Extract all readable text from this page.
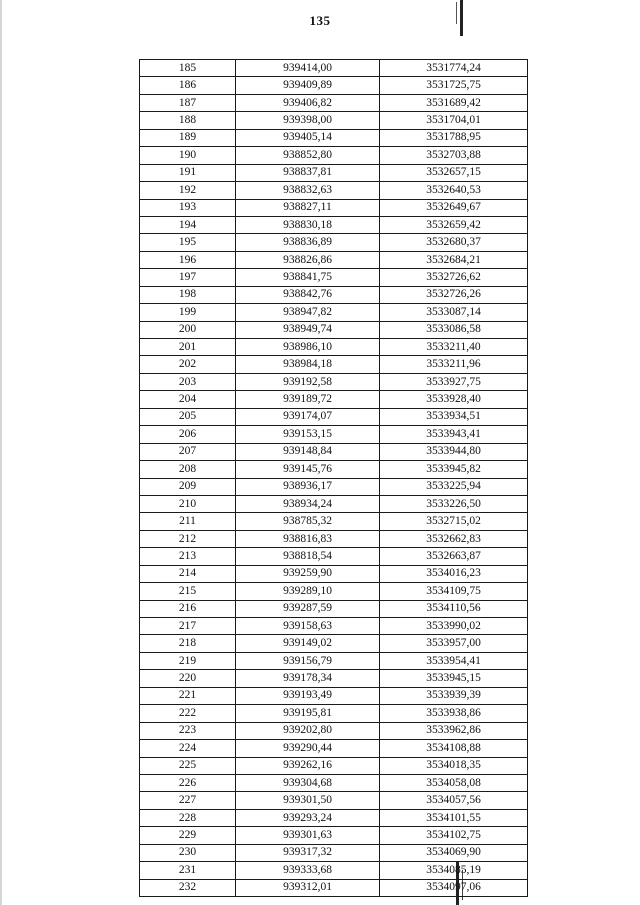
135
185	939414,00	3531774,24
186	939409,89	3531725,75
187	939406,82	3531689,42
188	939398,00	3531704,01
189	939405,14	3531788,95
190	938852,80	3532703,88
191	938837,81	3532657,15
192	938832,63	3532640,53
193	938827,11	3532649,67
194	938830,18	3532659,42
195	938836,89	3532680,37
196	938826,86	3532684,21
197	938841,75	3532726,62
198	938842,76	3532726,26
199	938947,82	3533087,14
200	938949,74	3533086,58
201	938986,10	3533211,40
202	938984,18	3533211,96
203	939192,58	3533927,75
204	939189,72	3533928,40
205	939174,07	3533934,51
206	939153,15	3533943,41
207	939148,84	3533944,80
208	939145,76	3533945,82
209	938936,17	3533225,94
210	938934,24	3533226,50
211	938785,32	3532715,02
212	938816,83	3532662,83
213	938818,54	3532663,87
214	939259,90	3534016,23
215	939289,10	3534109,75
216	939287,59	3534110,56
217	939158,63	3533990,02
218	939149,02	3533957,00
219	939156,79	3533954,41
220	939178,34	3533945,15
221	939193,49	3533939,39
222	939195,81	3533938,86
223	939202,80	3533962,86
224	939290,44	3534108,88
225	939262,16	3534018,35
226	939304,68	3534058,08
227	939301,50	3534057,56
228	939293,24	3534101,55
229	939301,63	3534102,75
230	939317,32	3534069,90
231	939333,68	3534085,19
232	939312,01	3534097,06
